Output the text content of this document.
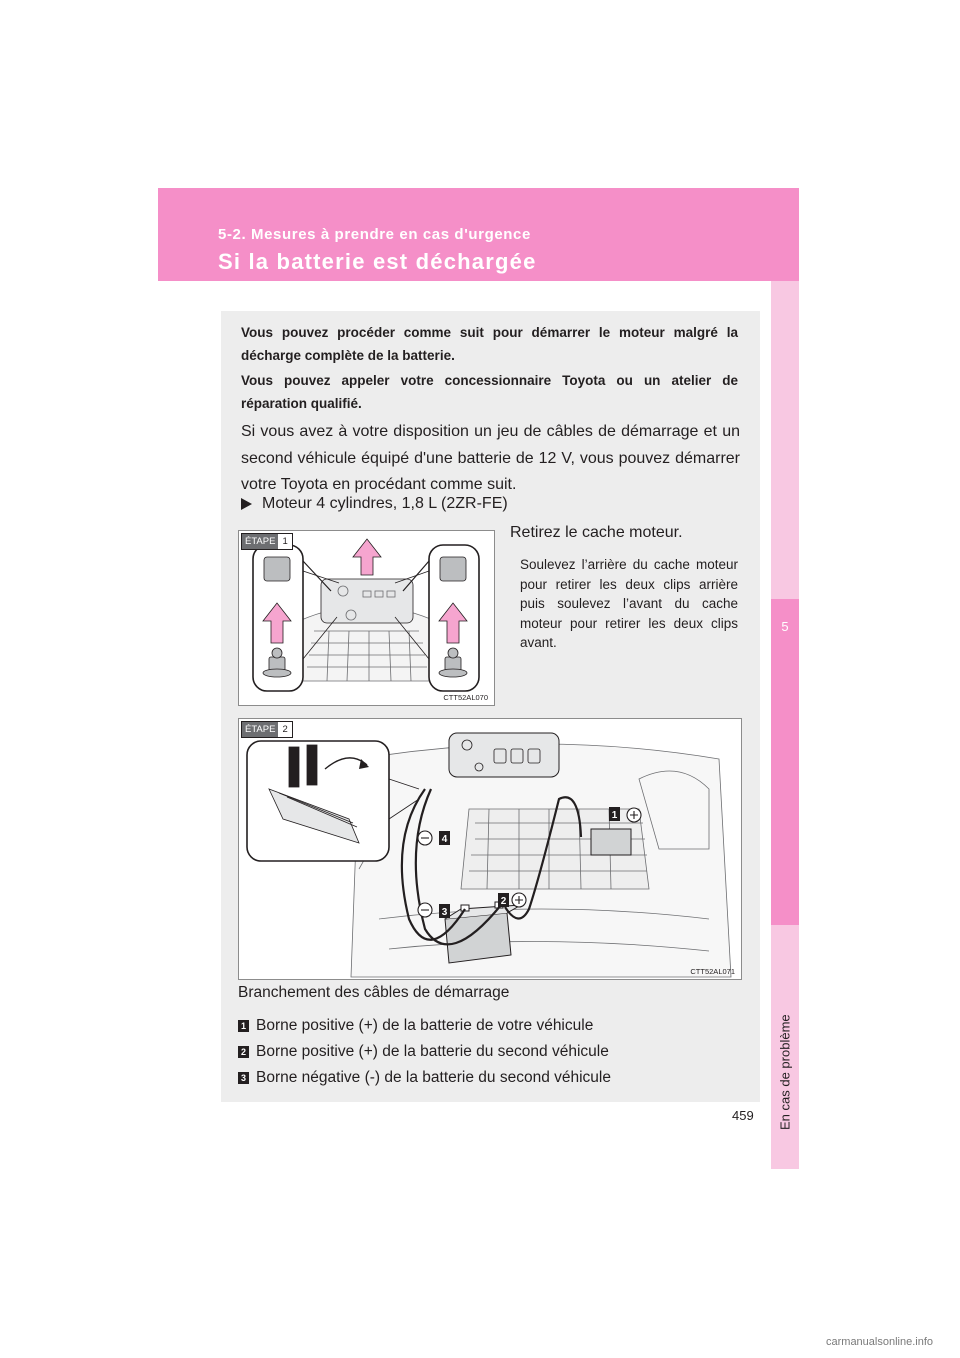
5-2. Mesures à prendre en cas d'urgence
Si la batterie est déchargée
5
En cas de problème

Vous pouvez procéder comme suit pour démarrer le moteur malgré la décharge complète de la batterie.

Vous pouvez appeler votre concessionnaire Toyota ou un atelier de réparation qualifié.

Si vous avez à votre disposition un jeu de câbles de démarrage et un second véhicule équipé d'une batterie de 12 V, vous pouvez démarrer votre Toyota en procédant comme suit.
Moteur 4 cylindres, 1,8 L (2ZR-FE)
ÉTAPE 1
CTT52AL070
Retirez le cache moteur.
Soulevez l’arrière du cache moteur pour retirer les deux clips arrière puis soulevez l’avant du cache moteur pour retirer les deux clips avant.
1
2
3
4
ÉTAPE 2
CTT52AL071
Branchement des câbles de démarrage
1 Borne positive (+) de la batterie de votre véhicule
2 Borne positive (+) de la batterie du second véhicule
3 Borne négative (-) de la batterie du second véhicule
459
carmanualsonline.info
